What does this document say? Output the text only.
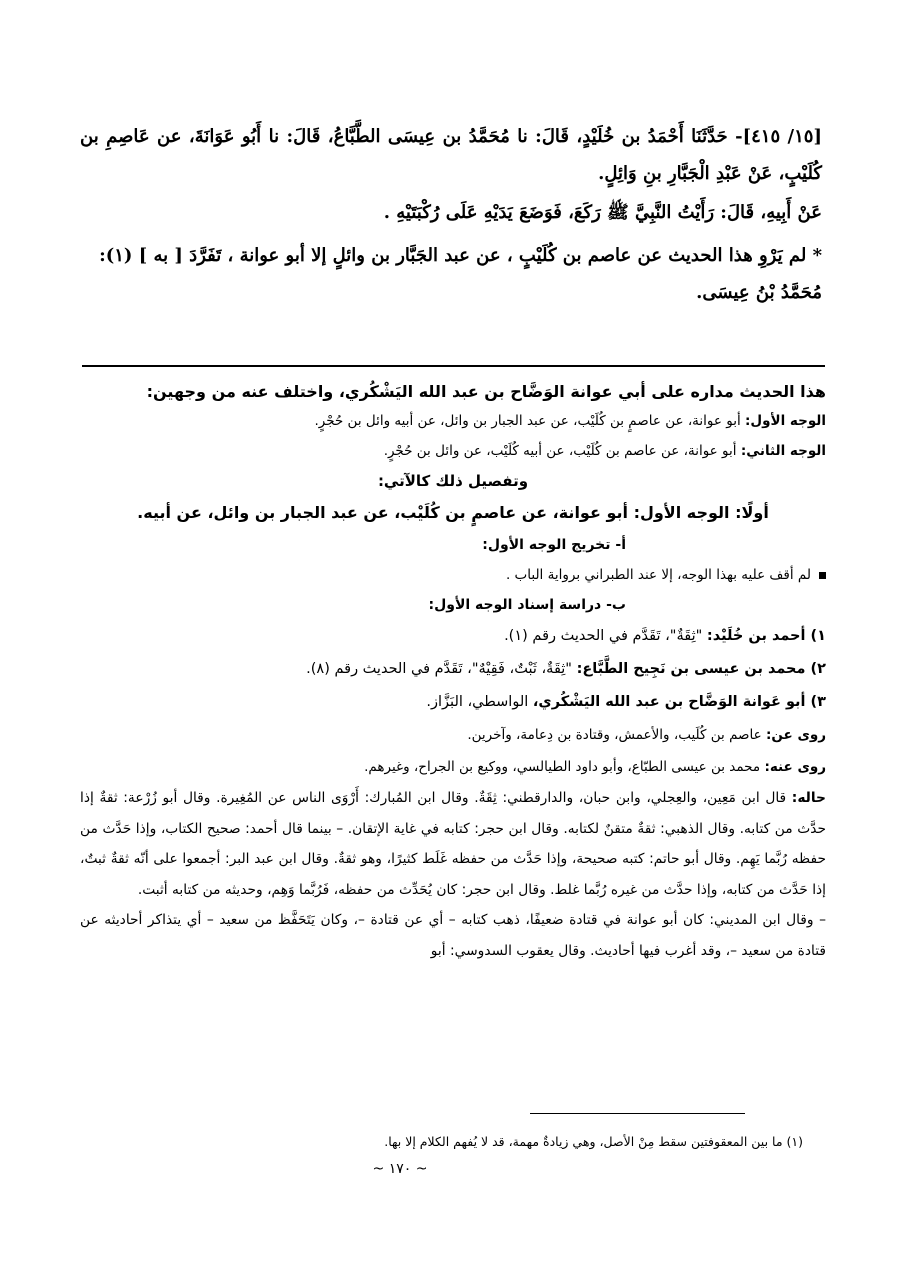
[١٥/ ٤١٥]- حَدَّثَنَا أَحْمَدُ بن خُلَيْدٍ، قَالَ: نا مُحَمَّدُ بن عِيسَى الطَّبَّاعُ، قَالَ: نا أَبُو عَوَانَةَ، عن عَاصِمِ بن كُلَيْبٍ، عَنْ عَبْدِ الْجَبَّارِ بنِ وَائِلٍ.

عَنْ أَبِيهِ، قَالَ: رَأَيْتُ النَّبِيَّ ﷺ رَكَعَ، فَوَضَعَ يَدَيْهِ عَلَى رُكْبَتَيْهِ .

* لم يَرْوِ هذا الحديث عن عاصم بن كُلَيْبٍ ، عن عبد الجَبَّار بن وائلٍ إلا أبو عوانة ، تَفَرَّدَ [ به ] (١): مُحَمَّدُ بْنُ عِيسَى.

هذا الحديث مداره على أبي عوانة الوَضَّاح بن عبد الله اليَشْكُري، واختلف عنه من وجهين:

الوجه الأول: أبو عوانة، عن عاصمٍ بن كُلَيْب، عن عبد الجبار بن وائل، عن أبيه وائل بن حُجْرٍ.

الوجه الثاني: أبو عوانة، عن عاصم بن كُلَيْب، عن أبيه كُلَيْب، عن وائل بن حُجْرٍ.

وتفصيل ذلك كالآتي:

أولًا: الوجه الأول: أبو عوانة، عن عاصمٍ بن كُلَيْب، عن عبد الجبار بن وائل، عن أبيه.

أ- تخريج الوجه الأول:

لم أقف عليه بهذا الوجه، إلا عند الطبراني برواية الباب .

ب- دراسة إسناد الوجه الأول:

١) أحمد بن خُلَيْد: "ثِقَةٌ"، تَقَدَّم في الحديث رقم (١).

٢) محمد بن عيسى بن نَجِيح الطَّبَّاع: "ثِقَةٌ، ثَبْتٌ، فَقِيْهٌ"، تَقَدَّم في الحديث رقم (٨).

٣) أبو عَوانة الوَضَّاح بن عبد الله اليَشْكُري، الواسطي، البَزَّاز.

روى عن: عاصم بن كُلَيب، والأعمش، وقتادة بن دِعامة، وآخرين.

روى عنه: محمد بن عيسى الطبّاع، وأبو داود الطيالسي، ووكيع بن الجراح، وغيرهم.

حاله: قال ابن مَعِين، والعِجلي، وابن حبان، والدارقطني: ثِقَةٌ. وقال ابن المُبارك: أَرْوَى الناس عن المُغِيرة. وقال أبو زُرْعة: ثقةٌ إذا حدَّث من كتابه. وقال الذهبي: ثقةٌ متقنٌ لكتابه. وقال ابن حجر: كتابه في غاية الإتقان. – بينما قال أحمد: صحيح الكتاب، وإذا حَدَّث من حفظه رُبَّما يَهِم. وقال أبو حاتم: كتبه صحيحة، وإذا حَدَّث من حفظه غَلَط كثيرًا، وهو ثقةٌ. وقال ابن عبد البر: أجمعوا على أنّه ثقةٌ ثبتٌ، إذا حَدَّث من كتابه، وإذا حدَّث من غيره رُبَّما غلط. وقال ابن حجر: كان يُحَدِّث من حفظه، فَرُبَّما وَهِم، وحديثه من كتابه أثبت.

– وقال ابن المديني: كان أبو عوانة في قتادة ضعيفًا، ذهب كتابه – أي عن قتادة –، وكان يَتَحَفَّظ من سعيد – أي يتذاكر أحاديثه عن قتادة من سعيد –، وقد أغرب فيها أحاديث. وقال يعقوب السدوسي: أبو

(١) ما بين المعقوفتين سقط مِنْ الأصل، وهي زيادةٌ مهمة، قد لا يُفهم الكلام إلا بها.
~ ١٧٠ ~
